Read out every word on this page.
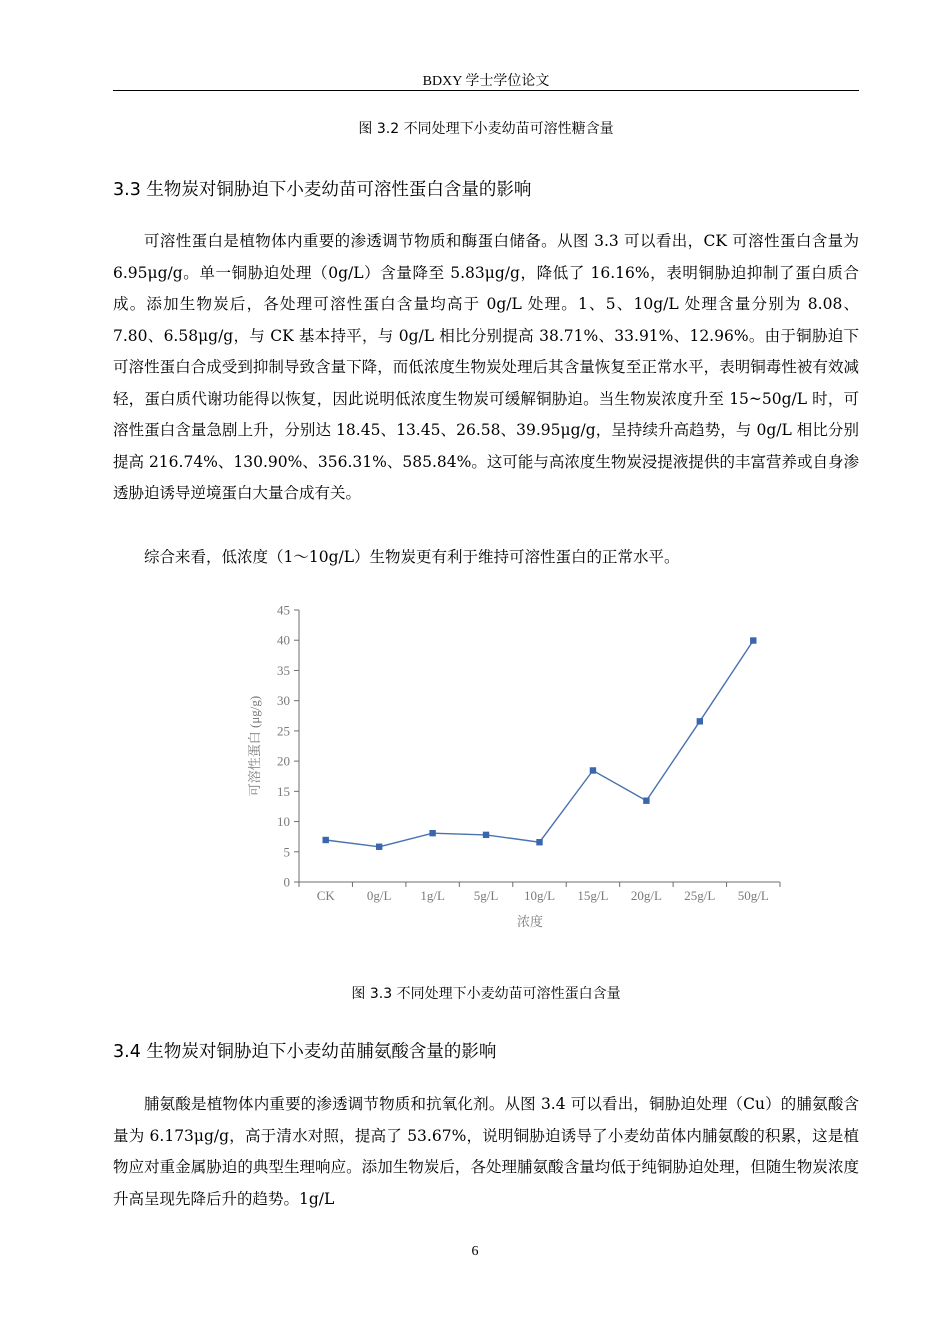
BDXY 学士学位论文
图 3.2 不同处理下小麦幼苗可溶性糖含量
3.3 生物炭对铜胁迫下小麦幼苗可溶性蛋白含量的影响

可溶性蛋白是植物体内重要的渗透调节物质和酶蛋白储备。从图 3.3 可以看出，CK 可溶性蛋白含量为 6.95μg/g。单一铜胁迫处理（0g/L）含量降至 5.83μg/g，降低了 16.16%，表明铜胁迫抑制了蛋白质合成。添加生物炭后，各处理可溶性蛋白含量均高于 0g/L 处理。1、5、10g/L 处理含量分别为 8.08、7.80、6.58μg/g，与 CK 基本持平，与 0g/L 相比分别提高 38.71%、33.91%、12.96%。由于铜胁迫下可溶性蛋白合成受到抑制导致含量下降，而低浓度生物炭处理后其含量恢复至正常水平，表明铜毒性被有效减轻，蛋白质代谢功能得以恢复，因此说明低浓度生物炭可缓解铜胁迫。当生物炭浓度升至 15~50g/L 时，可溶性蛋白含量急剧上升，分别达 18.45、13.45、26.58、39.95μg/g，呈持续升高趋势，与 0g/L 相比分别提高 216.74%、130.90%、356.31%、585.84%。这可能与高浓度生物炭浸提液提供的丰富营养或自身渗透胁迫诱导逆境蛋白大量合成有关。

综合来看，低浓度（1～10g/L）生物炭更有利于维持可溶性蛋白的正常水平。

0
5
10
15
20
25
30
35
40
45
CK 0g/L 1g/L 5g/L 10g/L 15g/L 20g/L 25g/L 50g/L
可溶性蛋白 (μg/g)
浓度
图 3.3 不同处理下小麦幼苗可溶性蛋白含量
3.4 生物炭对铜胁迫下小麦幼苗脯氨酸含量的影响

脯氨酸是植物体内重要的渗透调节物质和抗氧化剂。从图 3.4 可以看出，铜胁迫处理（Cu）的脯氨酸含量为 6.173μg/g，高于清水对照，提高了 53.67%，说明铜胁迫诱导了小麦幼苗体内脯氨酸的积累，这是植物应对重金属胁迫的典型生理响应。添加生物炭后，各处理脯氨酸含量均低于纯铜胁迫处理，但随生物炭浓度升高呈现先降后升的趋势。1g/L

6
